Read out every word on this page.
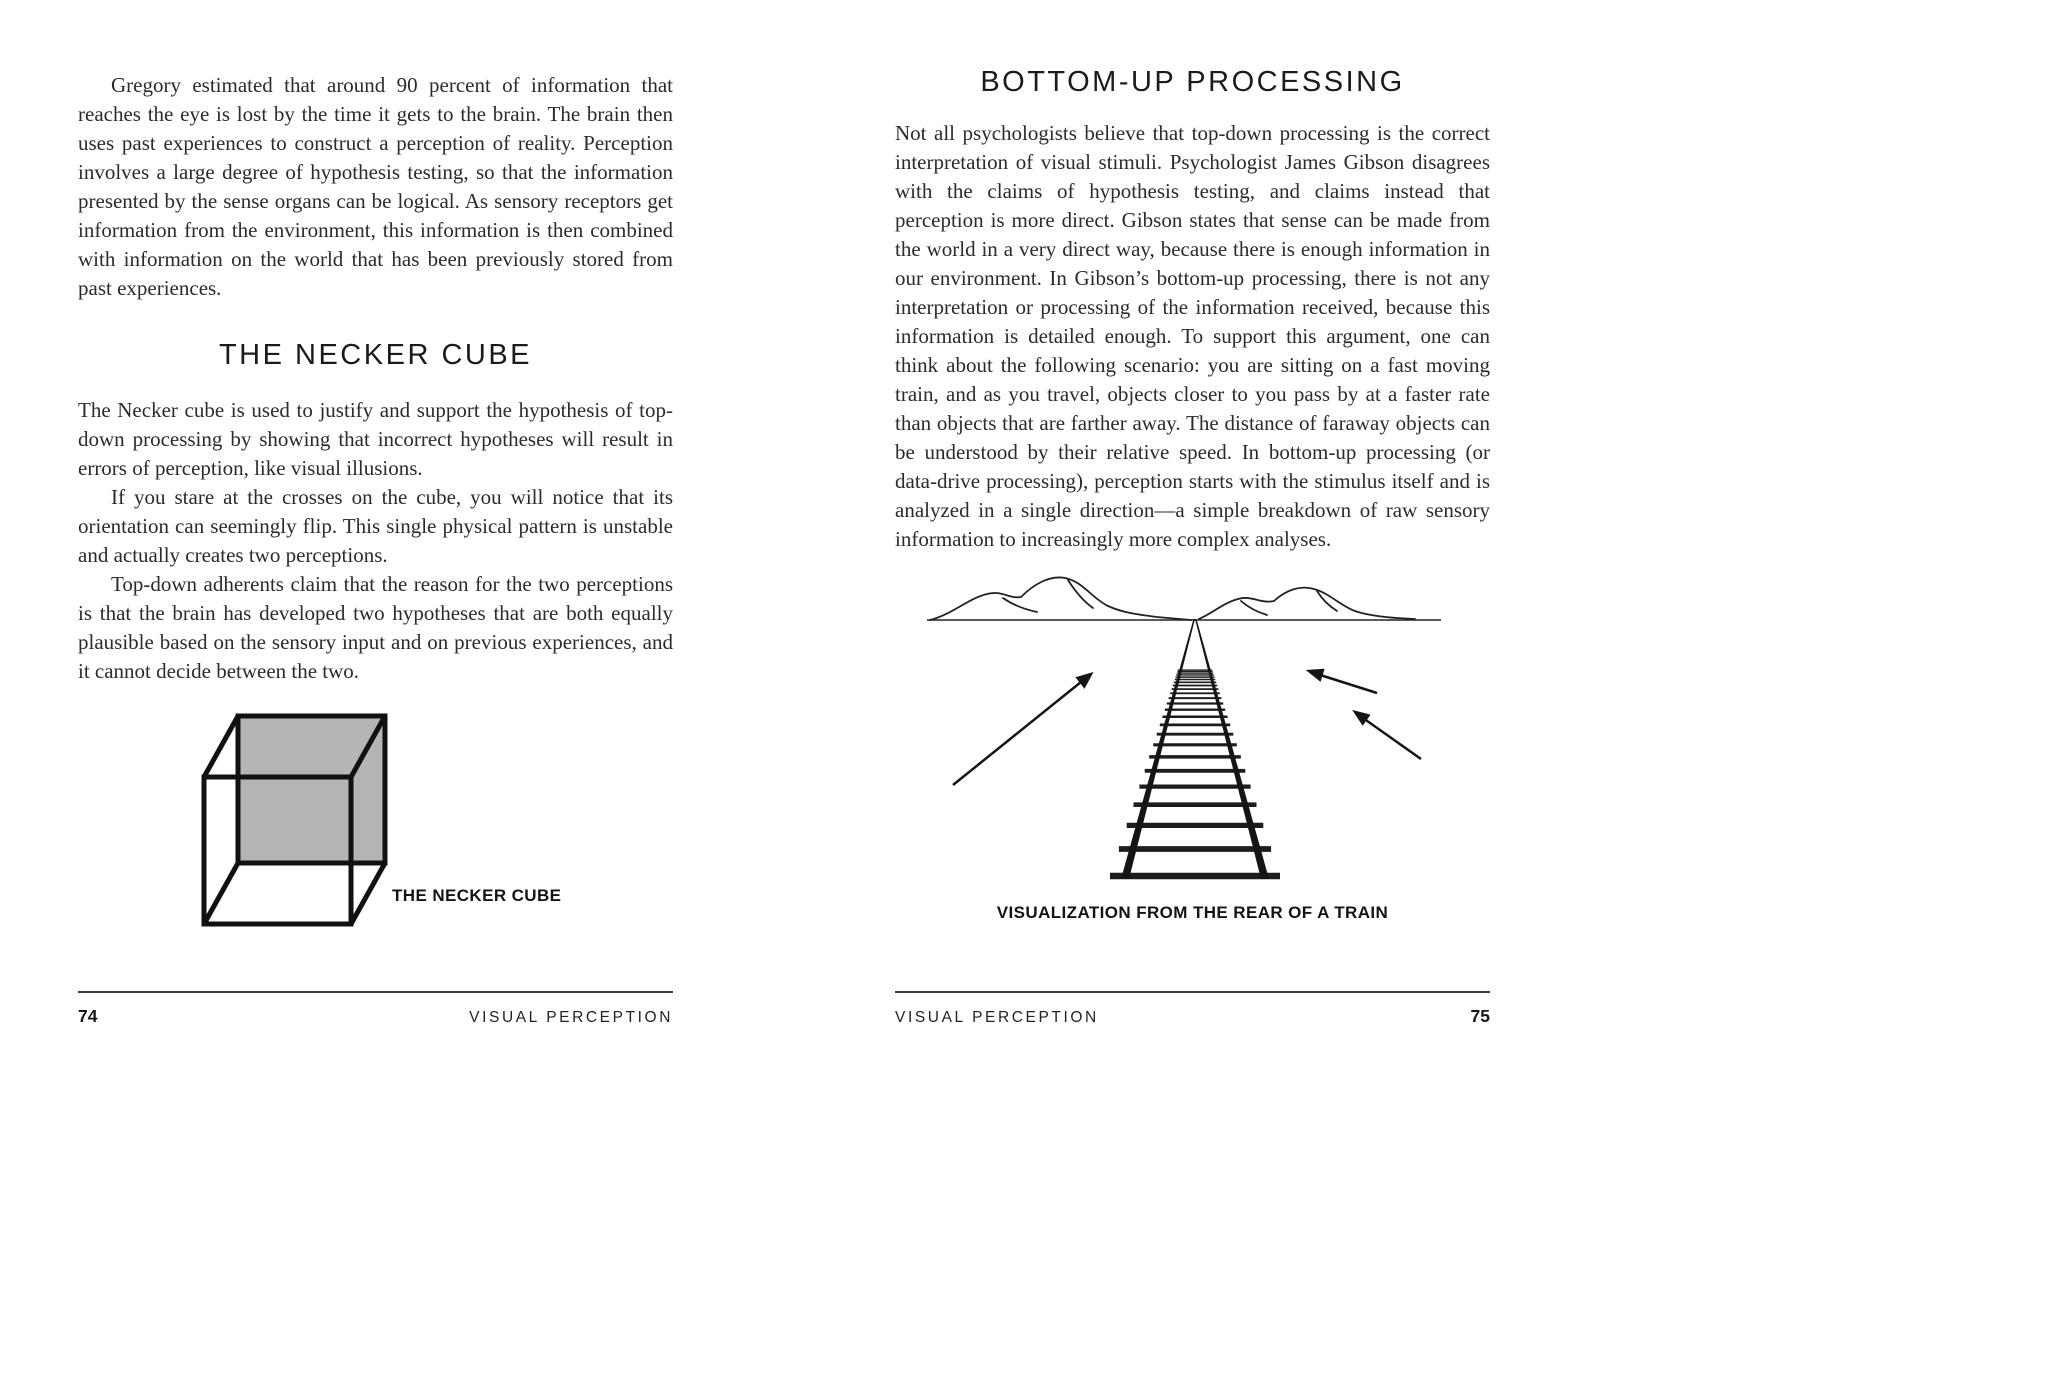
Gregory estimated that around 90 percent of information that reaches the eye is lost by the time it gets to the brain. The brain then uses past experiences to construct a perception of reality. Perception involves a large degree of hypothesis testing, so that the information presented by the sense organs can be logical. As sensory receptors get information from the environment, this information is then combined with information on the world that has been previously stored from past experiences.

THE NECKER CUBE

The Necker cube is used to justify and support the hypothesis of top-down processing by showing that incorrect hypotheses will result in errors of perception, like visual illusions.

If you stare at the crosses on the cube, you will notice that its orientation can seemingly flip. This single physical pattern is unstable and actually creates two perceptions.

Top-down adherents claim that the reason for the two perceptions is that the brain has developed two hypotheses that are both equally plausible based on the sensory input and on previous experiences, and it cannot decide between the two.

THE NECKER CUBE
74	VISUAL PERCEPTION
BOTTOM-UP PROCESSING

Not all psychologists believe that top-down processing is the correct interpretation of visual stimuli. Psychologist James Gibson disagrees with the claims of hypothesis testing, and claims instead that perception is more direct. Gibson states that sense can be made from the world in a very direct way, because there is enough information in our environment. In Gibson’s bottom-up processing, there is not any interpretation or processing of the information received, because this information is detailed enough. To support this argument, one can think about the following scenario: you are sitting on a fast moving train, and as you travel, objects closer to you pass by at a faster rate than objects that are farther away. The distance of faraway objects can be understood by their relative speed. In bottom-up processing (or data-drive processing), perception starts with the stimulus itself and is analyzed in a single direction—a simple breakdown of raw sensory information to increasingly more complex analyses.

VISUALIZATION FROM THE REAR OF A TRAIN
VISUAL PERCEPTION	75
